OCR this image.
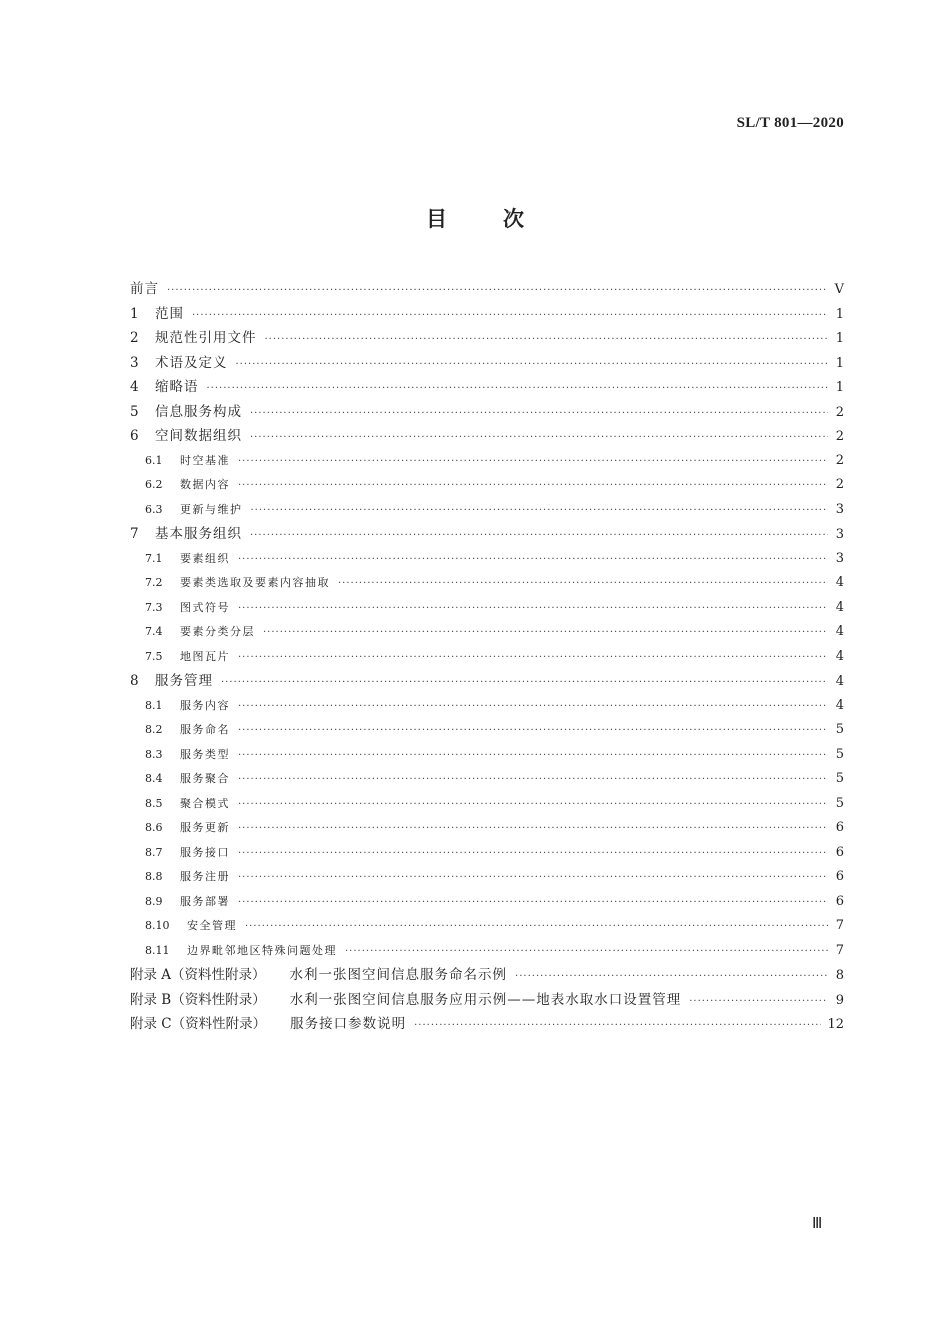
SL/T 801—2020
目	次
前言 ·····	Ⅴ
1	范围 ·····	1
2	规范性引用文件 ·····	1
3	术语及定义 ·····	1
4	缩略语 ·····	1
5	信息服务构成 ·····	2
6	空间数据组织 ·····	2
6.1	时空基准 ·····	2
6.2	数据内容 ·····	2
6.3	更新与维护 ·····	3
7	基本服务组织 ·····	3
7.1	要素组织 ·····	3
7.2	要素类选取及要素内容抽取 ·····	4
7.3	图式符号 ·····	4
7.4	要素分类分层 ·····	4
7.5	地图瓦片 ·····	4
8	服务管理 ·····	4
8.1	服务内容 ·····	4
8.2	服务命名 ·····	5
8.3	服务类型 ·····	5
8.4	服务聚合 ·····	5
8.5	聚合模式 ·····	5
8.6	服务更新 ·····	6
8.7	服务接口 ·····	6
8.8	服务注册 ·····	6
8.9	服务部署 ·····	6
8.10	安全管理 ·····	7
8.11	边界毗邻地区特殊问题处理 ·····	7
附录 A（资料性附录） 水利一张图空间信息服务命名示例 ·····	8
附录 B（资料性附录） 水利一张图空间信息服务应用示例——地表水取水口设置管理 ·····	9
附录 C（资料性附录） 服务接口参数说明 ·····	12
Ⅲ
